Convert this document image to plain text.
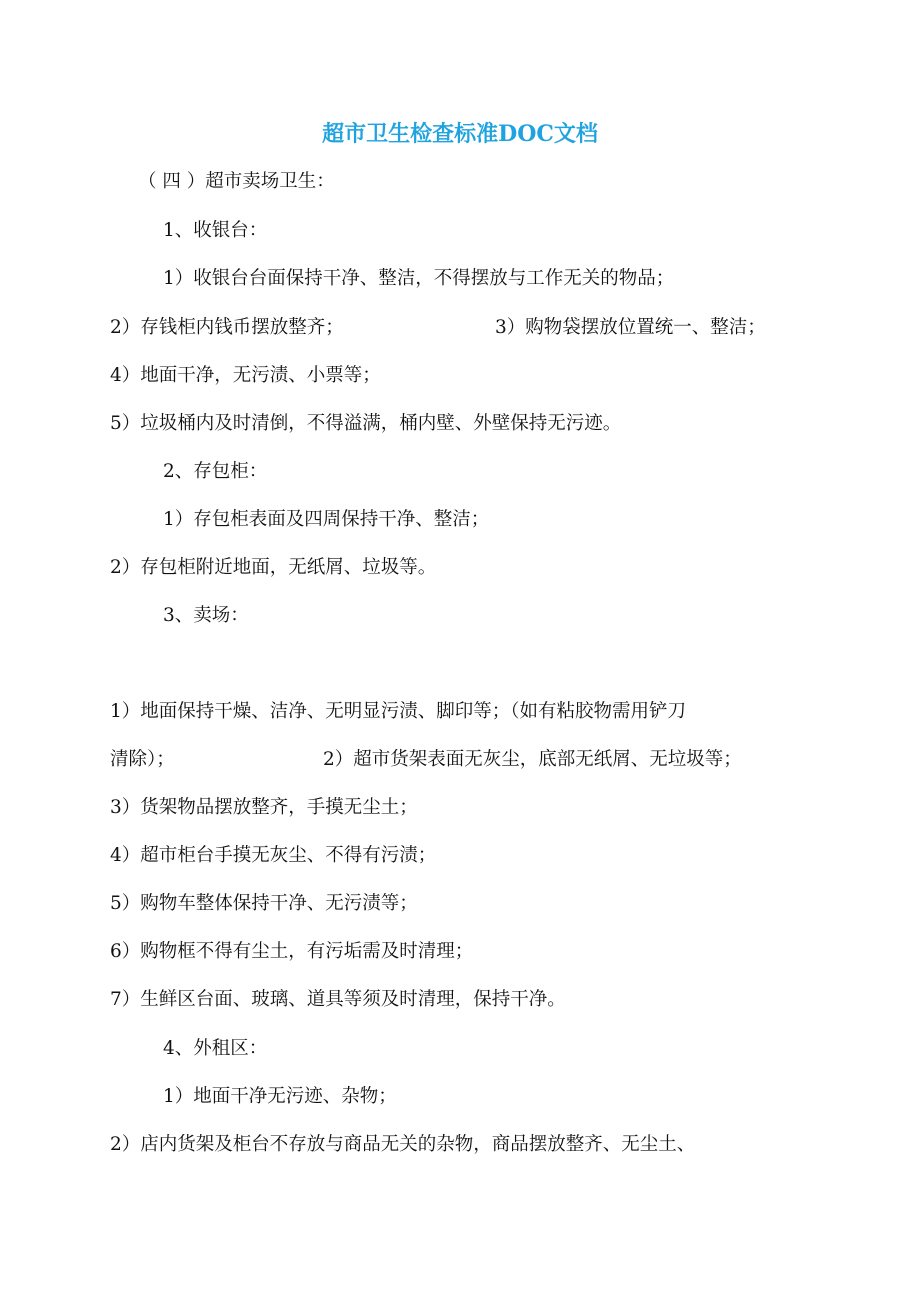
超市卫生检查标准DOC文档

（ 四 ）超市卖场卫生：

1、收银台：

1）收银台台面保持干净、整洁，不得摆放与工作无关的物品；

2）存钱柜内钱币摆放整齐；	3）购物袋摆放位置统一、整洁；

4）地面干净，无污渍、小票等；

5）垃圾桶内及时清倒，不得溢满，桶内壁、外壁保持无污迹。

2、存包柜：

1）存包柜表面及四周保持干净、整洁；

2）存包柜附近地面，无纸屑、垃圾等。

3、卖场：

1）地面保持干燥、洁净、无明显污渍、脚印等；（如有粘胶物需用铲刀

清除）；	2）超市货架表面无灰尘，底部无纸屑、无垃圾等；

3）货架物品摆放整齐，手摸无尘土；

4）超市柜台手摸无灰尘、不得有污渍；

5）购物车整体保持干净、无污渍等；

6）购物框不得有尘土，有污垢需及时清理；

7）生鲜区台面、玻璃、道具等须及时清理，保持干净。

4、外租区：

1）地面干净无污迹、杂物；

2）店内货架及柜台不存放与商品无关的杂物，商品摆放整齐、无尘土、
